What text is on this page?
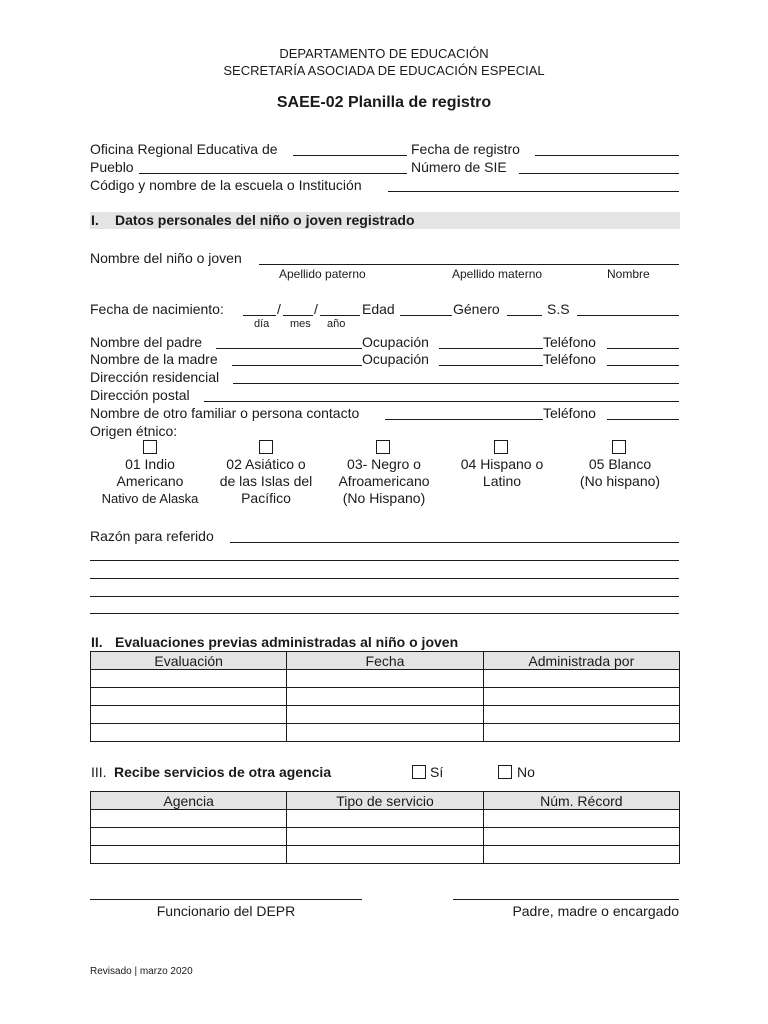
DEPARTAMENTO DE EDUCACIÓN
SECRETARÍA ASOCIADA DE EDUCACIÓN ESPECIAL
SAEE-02 Planilla de registro
Oficina Regional Educativa de	Fecha de registro
Pueblo	Número de SIE
Código y nombre de la escuela o Institución
I. Datos personales del niño o joven registrado
Nombre del niño o joven
Apellido paterno	Apellido materno	Nombre
Fecha de nacimiento:	/ /	Edad	Género	S.S
día mes año
Nombre del padre	Ocupación	Teléfono
Nombre de la madre	Ocupación	Teléfono
Dirección residencial
Dirección postal
Nombre de otro familiar o persona contacto	Teléfono
Origen étnico:
01 Indio
Americano
Nativo de Alaska
02 Asiático o
de las Islas del
Pacífico
03- Negro o
Afroamericano
(No Hispano)
04 Hispano o
Latino
05 Blanco
(No hispano)
Razón para referido
II. Evaluaciones previas administradas al niño o joven
Evaluación	Fecha	Administrada por

III. Recibe servicios de otra agencia	Sí	No
Agencia	Tipo de servicio	Núm. Récord

Funcionario del DEPR	Padre, madre o encargado
Revisado | marzo 2020
